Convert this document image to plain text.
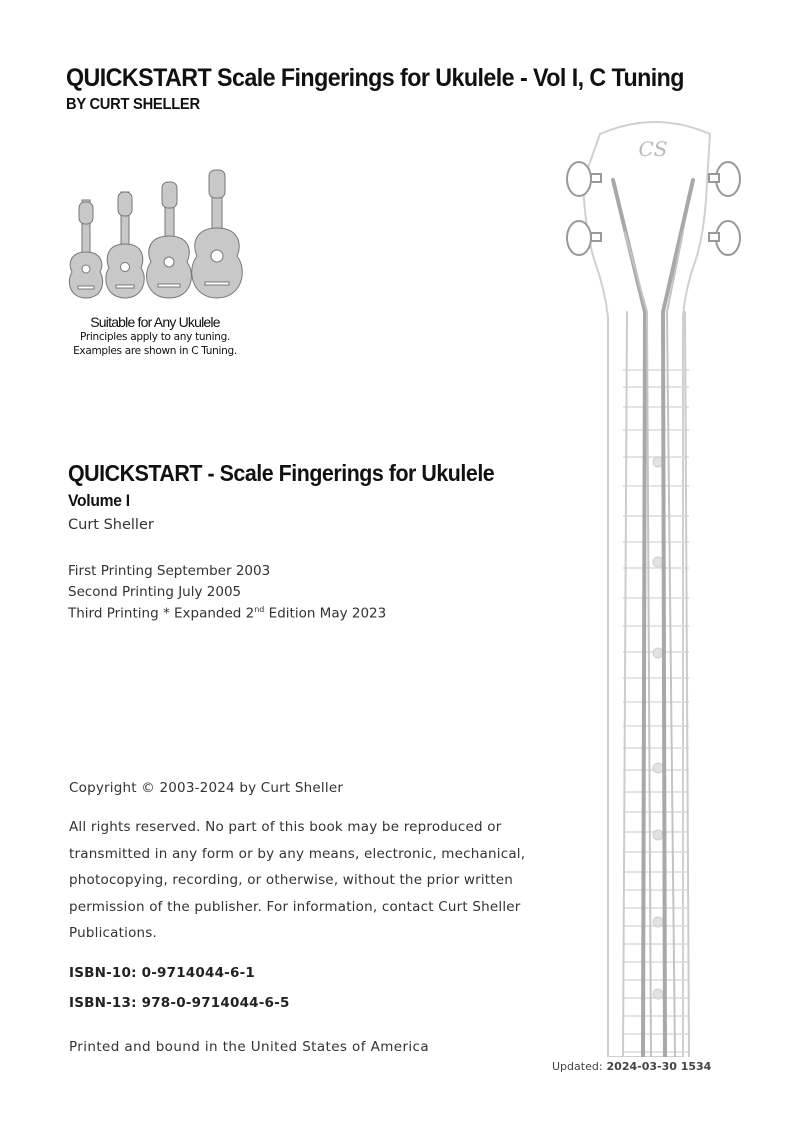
QUICKSTART Scale Fingerings for Ukulele - Vol I, C Tuning
BY CURT SHELLER
Suitable for Any Ukulele
Principles apply to any tuning.
Examples are shown in C Tuning.
QUICKSTART - Scale Fingerings for Ukulele
Volume I
Curt Sheller
First Printing September 2003
Second Printing July 2005
Third Printing * Expanded 2nd Edition May 2023
Copyright © 2003-2024 by Curt Sheller
All rights reserved. No part of this book may be reproduced or transmitted in any form or by any means, electronic, mechanical, photocopying, recording, or otherwise, without the prior written permission of the publisher. For information, contact Curt Sheller Publications.
ISBN-10: 0-9714044-6-1
ISBN-13: 978-0-9714044-6-5
Printed and bound in the United States of America
Updated: 2024-03-30 1534
CS
